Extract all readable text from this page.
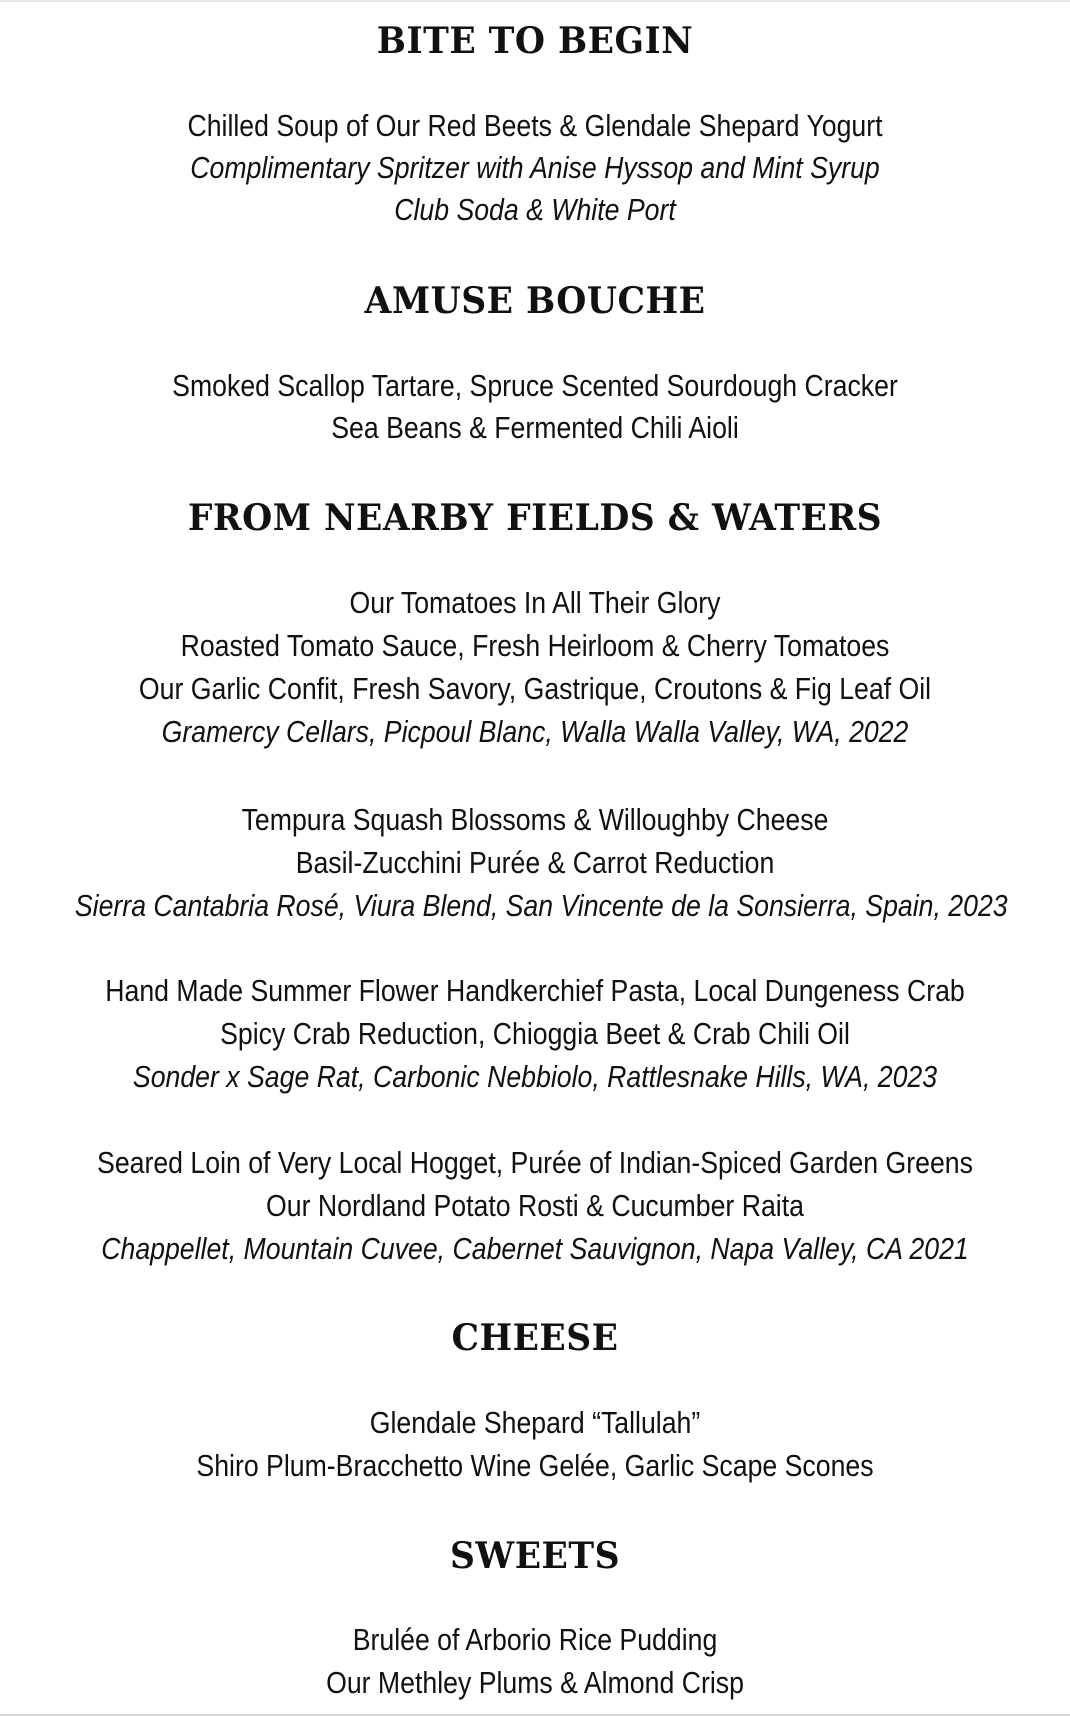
BITE TO BEGIN
Chilled Soup of Our Red Beets & Glendale Shepard Yogurt
Complimentary Spritzer with Anise Hyssop and Mint Syrup
Club Soda & White Port
AMUSE BOUCHE
Smoked Scallop Tartare, Spruce Scented Sourdough Cracker
Sea Beans & Fermented Chili Aioli
FROM NEARBY FIELDS & WATERS
Our Tomatoes In All Their Glory
Roasted Tomato Sauce, Fresh Heirloom & Cherry Tomatoes
Our Garlic Confit, Fresh Savory, Gastrique, Croutons & Fig Leaf Oil
Gramercy Cellars, Picpoul Blanc, Walla Walla Valley, WA, 2022
Tempura Squash Blossoms & Willoughby Cheese
Basil-Zucchini Purée & Carrot Reduction
Sierra Cantabria Rosé, Viura Blend, San Vincente de la Sonsierra, Spain, 2023
Hand Made Summer Flower Handkerchief Pasta, Local Dungeness Crab
Spicy Crab Reduction, Chioggia Beet & Crab Chili Oil
Sonder x Sage Rat, Carbonic Nebbiolo, Rattlesnake Hills, WA, 2023
Seared Loin of Very Local Hogget, Purée of Indian-Spiced Garden Greens
Our Nordland Potato Rosti & Cucumber Raita
Chappellet, Mountain Cuvee, Cabernet Sauvignon, Napa Valley, CA 2021
CHEESE
Glendale Shepard “Tallulah”
Shiro Plum-Bracchetto Wine Gelée, Garlic Scape Scones
SWEETS
Brulée of Arborio Rice Pudding
Our Methley Plums & Almond Crisp
